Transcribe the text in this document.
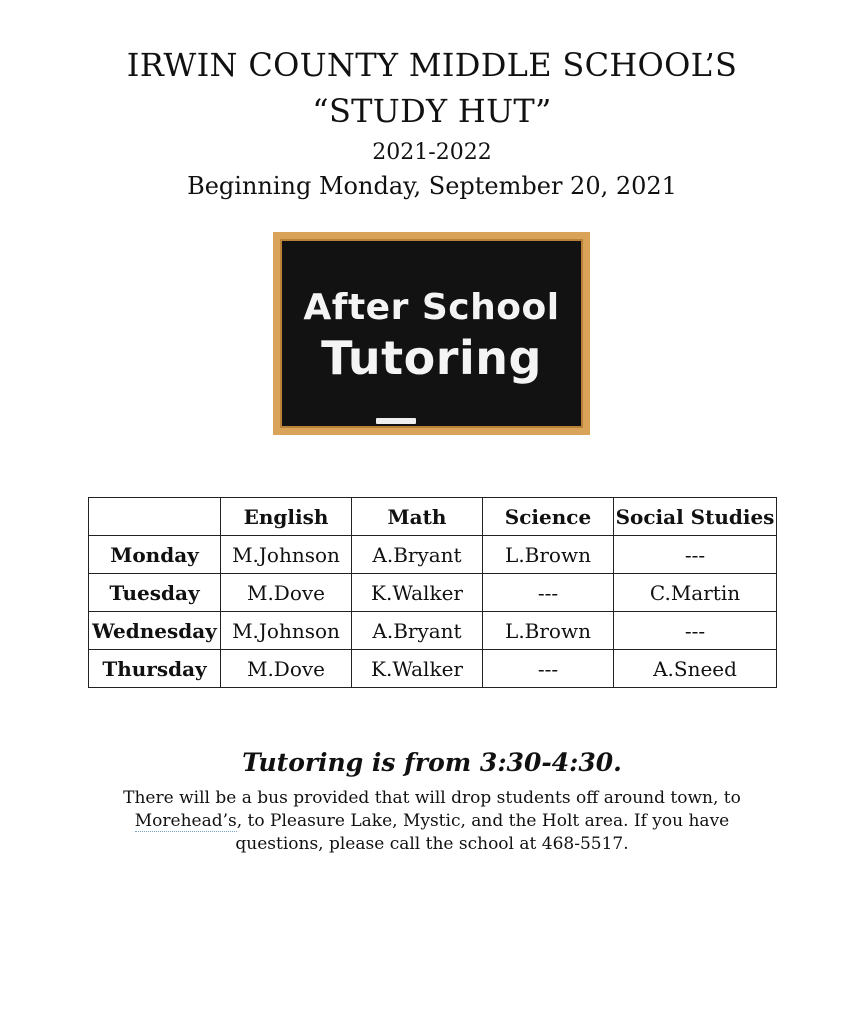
IRWIN COUNTY MIDDLE SCHOOL’S
“STUDY HUT”
2021-2022
Beginning Monday, September 20, 2021
After School
Tutoring
	English	Math	Science	Social Studies
Monday	M.Johnson	A.Bryant	L.Brown	---
Tuesday	M.Dove	K.Walker	---	C.Martin
Wednesday	M.Johnson	A.Bryant	L.Brown	---
Thursday	M.Dove	K.Walker	---	A.Sneed

Tutoring is from 3:30-4:30.

There will be a bus provided that will drop students off around town, to Morehead’s, to Pleasure Lake, Mystic, and the Holt area. If you have questions, please call the school at 468-5517.
